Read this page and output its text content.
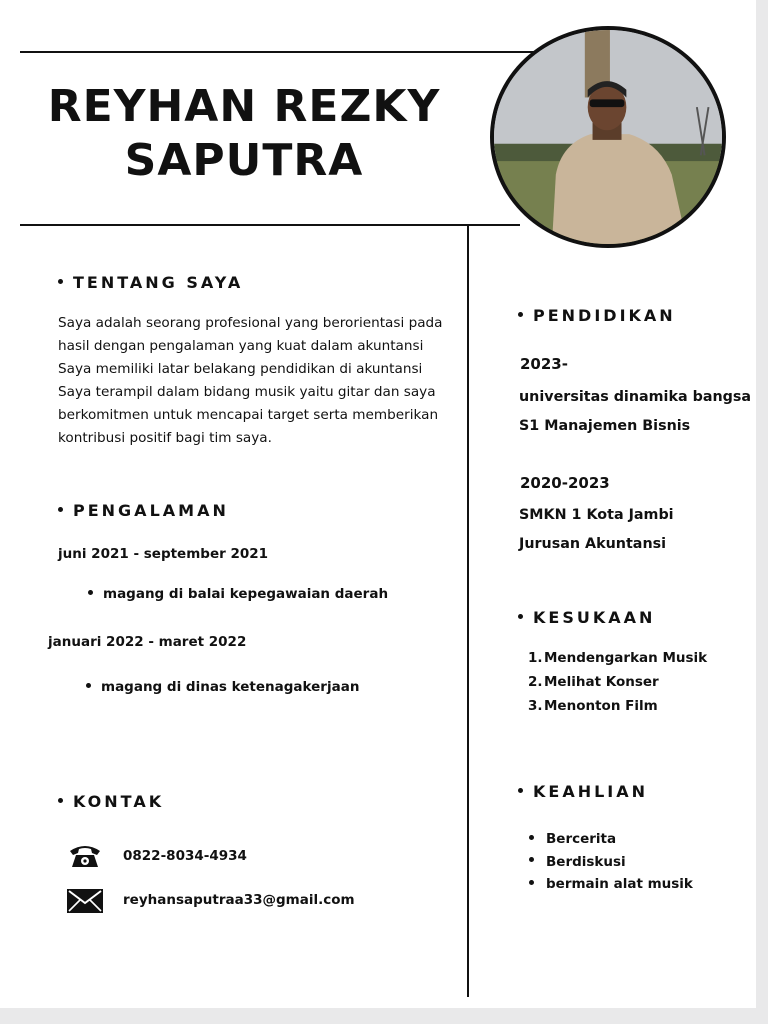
REYHAN REZKY
SAPUTRA
TENTANG SAYA
Saya adalah seorang profesional yang berorientasi pada hasil dengan pengalaman yang kuat dalam akuntansi Saya memiliki latar belakang pendidikan di akuntansi Saya terampil dalam bidang musik yaitu gitar dan saya berkomitmen untuk mencapai target serta memberikan kontribusi positif bagi tim saya.
PENGALAMAN
juni 2021 - september 2021
magang di balai kepegawaian daerah
januari 2022 - maret 2022
magang di dinas ketenagakerjaan
KONTAK
0822-8034-4934
reyhansaputraa33@gmail.com
PENDIDIKAN
2023-
universitas dinamika bangsa
S1 Manajemen Bisnis
2020-2023
SMKN 1 Kota Jambi
Jurusan Akuntansi
KESUKAAN
1.Mendengarkan Musik
2.Melihat Konser
3.Menonton Film
KEAHLIAN
Bercerita
Berdiskusi
bermain alat musik
